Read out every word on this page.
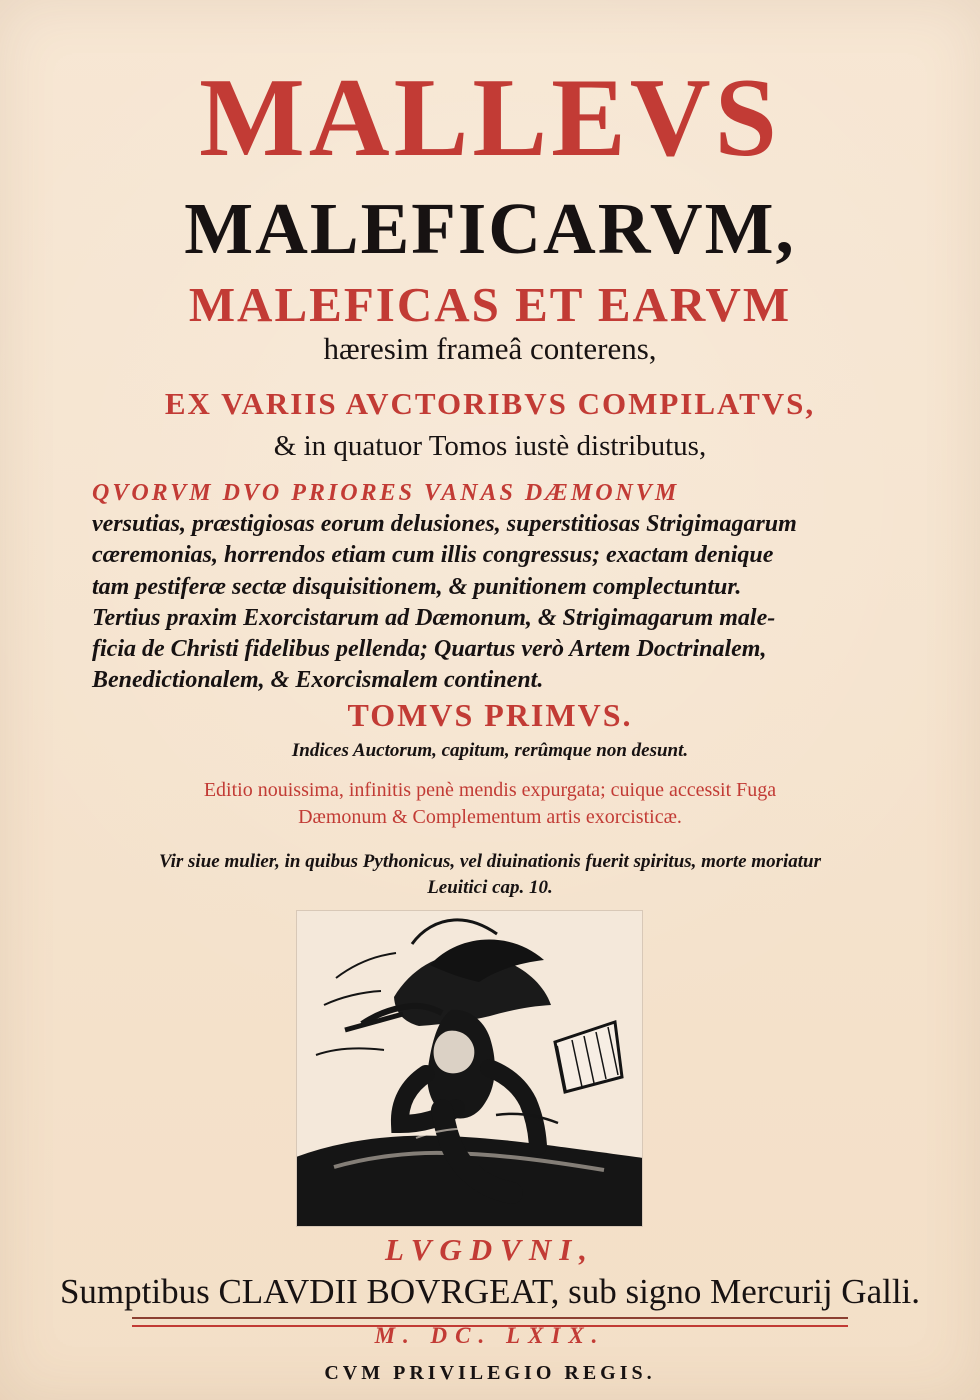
MALLEVS
MALEFICARVM,
MALEFICAS ET EARVM
hæresim frameâ conterens,
EX VARIIS AVCTORIBVS COMPILATVS,
& in quatuor Tomos iustè distributus,
QVORVM DVO PRIORES VANAS DÆMONVM
versutias, præstigiosas eorum delusiones, superstitiosas Strigimagarum
cæremonias, horrendos etiam cum illis congressus; exactam denique
tam pestiferæ sectæ disquisitionem, & punitionem complectuntur.
Tertius praxim Exorcistarum ad Dæmonum, & Strigimagarum male-
ficia de Christi fidelibus pellenda; Quartus verò Artem Doctrinalem,
Benedictionalem, & Exorcismalem continent.
TOMVS PRIMVS.
Indices Auctorum, capitum, rerûmque non desunt.
Editio nouissima, infinitis penè mendis expurgata; cuique accessit Fuga
Dæmonum & Complementum artis exorcisticæ.
Vir siue mulier, in quibus Pythonicus, vel diuinationis fuerit spiritus, morte moriatur
Leuitici cap. 10.
LVGDVNI,
Sumptibus CLAVDII BOVRGEAT, sub signo Mercurij Galli.
M. DC. LXIX.
CVM PRIVILEGIO REGIS.
